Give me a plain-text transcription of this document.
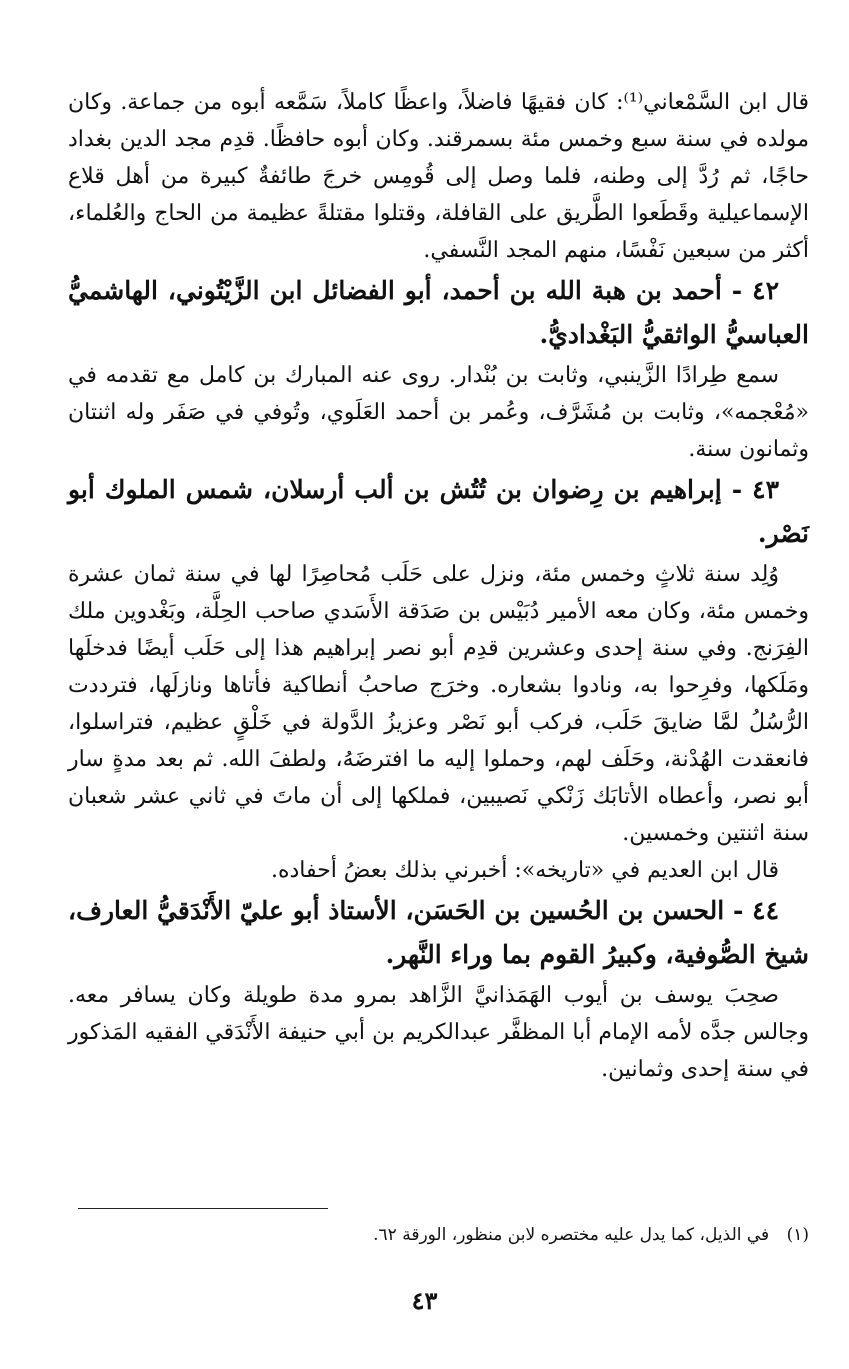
قال ابن السَّمْعاني⁽¹⁾: كان فقيهًا فاضلاً، واعظًا كاملاً، سَمَّعه أبوه من جماعة. وكان مولده في سنة سبع وخمس مئة بسمرقند. وكان أبوه حافظًا. قدِم مجد الدين بغداد حاجًا، ثم رُدَّ إلى وطنه، فلما وصل إلى قُومِس خرجَ طائفةٌ كبيرة من أهل قلاع الإسماعيلية وقَطَعوا الطَّريق على القافلة، وقتلوا مقتلةً عظيمة من الحاج والعُلماء، أكثر من سبعين نَفْسًا، منهم المجد النَّسفي.

٤٢ - أحمد بن هبة الله بن أحمد، أبو الفضائل ابن الزَّيْتُوني، الهاشميُّ العباسيُّ الواثقيُّ البَغْداديُّ.

سمع طِرادًا الزَّينبي، وثابت بن بُنْدار. روى عنه المبارك بن كامل مع تقدمه في «مُعْجمه»، وثابت بن مُشَرَّف، وعُمر بن أحمد العَلَوي، وتُوفي في صَفَر وله اثنتان وثمانون سنة.

٤٣ - إبراهيم بن رِضوان بن تُتُش بن ألب أرسلان، شمس الملوك أبو نَصْر.

وُلِد سنة ثلاثٍ وخمس مئة، ونزل على حَلَب مُحاصِرًا لها في سنة ثمان عشرة وخمس مئة، وكان معه الأمير دُبَيْس بن صَدَقة الأَسَدي صاحب الحِلَّة، وبَغْدوين ملك الفِرَنج. وفي سنة إحدى وعشرين قدِم أبو نصر إبراهيم هذا إلى حَلَب أيضًا فدخلَها ومَلَكها، وفرِحوا به، ونادوا بشعاره. وخرَج صاحبُ أنطاكية فأتاها ونازلَها، فترددت الرُّسُلُ لمَّا ضايقَ حَلَب، فركب أبو نَصْر وعزيزُ الدَّولة في خَلْقٍ عظيم، فتراسلوا، فانعقدت الهُدْنة، وحَلَف لهم، وحملوا إليه ما افترضَهُ، ولطفَ الله. ثم بعد مدةٍ سار أبو نصر، وأعطاه الأتابَك زَنْكي نَصيبين، فملكها إلى أن ماتَ في ثاني عشر شعبان سنة اثنتين وخمسين.

قال ابن العديم في «تاريخه»: أخبرني بذلك بعضُ أحفاده.

٤٤ - الحسن بن الحُسين بن الحَسَن، الأستاذ أبو عليّ الأَنْدَقيُّ العارف، شيخ الصُّوفية، وكبيرُ القوم بما وراء النَّهر.

صحِبَ يوسف بن أيوب الهَمَذانيَّ الزَّاهد بمرو مدة طويلة وكان يسافر معه. وجالس جدَّه لأمه الإمام أبا المظفَّر عبدالكريم بن أبي حنيفة الأَنْدَقي الفقيه المَذكور في سنة إحدى وثمانين.

(١) في الذيل، كما يدل عليه مختصره لابن منظور، الورقة ٦٢.
٤٣
